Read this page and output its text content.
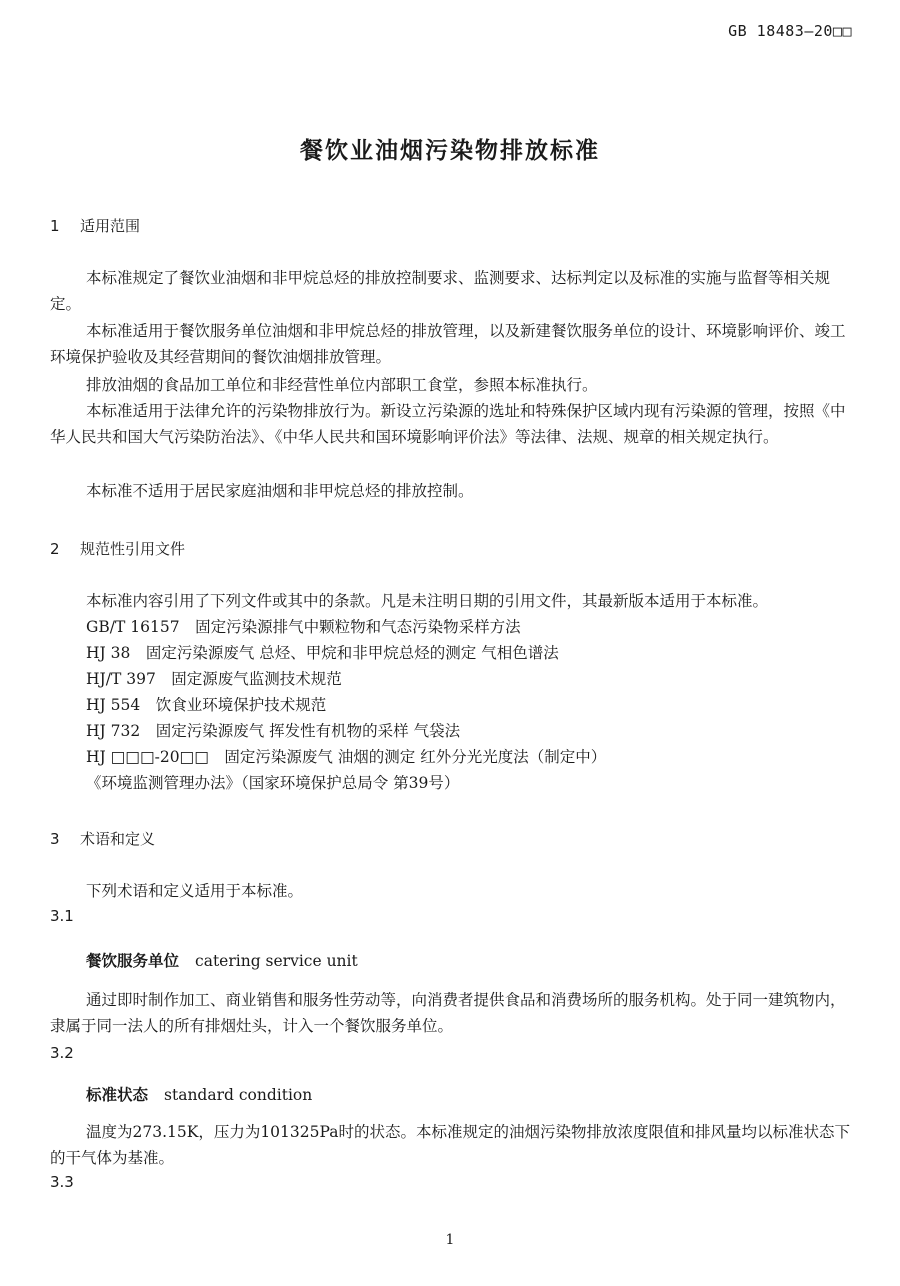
GB 18483—20□□
餐饮业油烟污染物排放标准
1 适用范围

本标准规定了餐饮业油烟和非甲烷总烃的排放控制要求、监测要求、达标判定以及标准的实施与监督等相关规定。

本标准适用于餐饮服务单位油烟和非甲烷总烃的排放管理，以及新建餐饮服务单位的设计、环境影响评价、竣工环境保护验收及其经营期间的餐饮油烟排放管理。

排放油烟的食品加工单位和非经营性单位内部职工食堂，参照本标准执行。

本标准适用于法律允许的污染物排放行为。新设立污染源的选址和特殊保护区域内现有污染源的管理，按照《中华人民共和国大气污染防治法》、《中华人民共和国环境影响评价法》等法律、法规、规章的相关规定执行。

本标准不适用于居民家庭油烟和非甲烷总烃的排放控制。

2 规范性引用文件

本标准内容引用了下列文件或其中的条款。凡是未注明日期的引用文件，其最新版本适用于本标准。

GB/T 16157　固定污染源排气中颗粒物和气态污染物采样方法
HJ 38　固定污染源废气 总烃、甲烷和非甲烷总烃的测定 气相色谱法
HJ/T 397　固定源废气监测技术规范
HJ 554　饮食业环境保护技术规范
HJ 732　固定污染源废气 挥发性有机物的采样 气袋法
HJ □□□-20□□　固定污染源废气 油烟的测定 红外分光光度法（制定中）
《环境监测管理办法》（国家环境保护总局令 第39号）
3 术语和定义

下列术语和定义适用于本标准。

3.1
餐饮服务单位 catering service unit

通过即时制作加工、商业销售和服务性劳动等，向消费者提供食品和消费场所的服务机构。处于同一建筑物内，隶属于同一法人的所有排烟灶头，计入一个餐饮服务单位。

3.2
标准状态 standard condition

温度为273.15K，压力为101325Pa时的状态。本标准规定的油烟污染物排放浓度限值和排风量均以标准状态下的干气体为基准。

3.3
1
